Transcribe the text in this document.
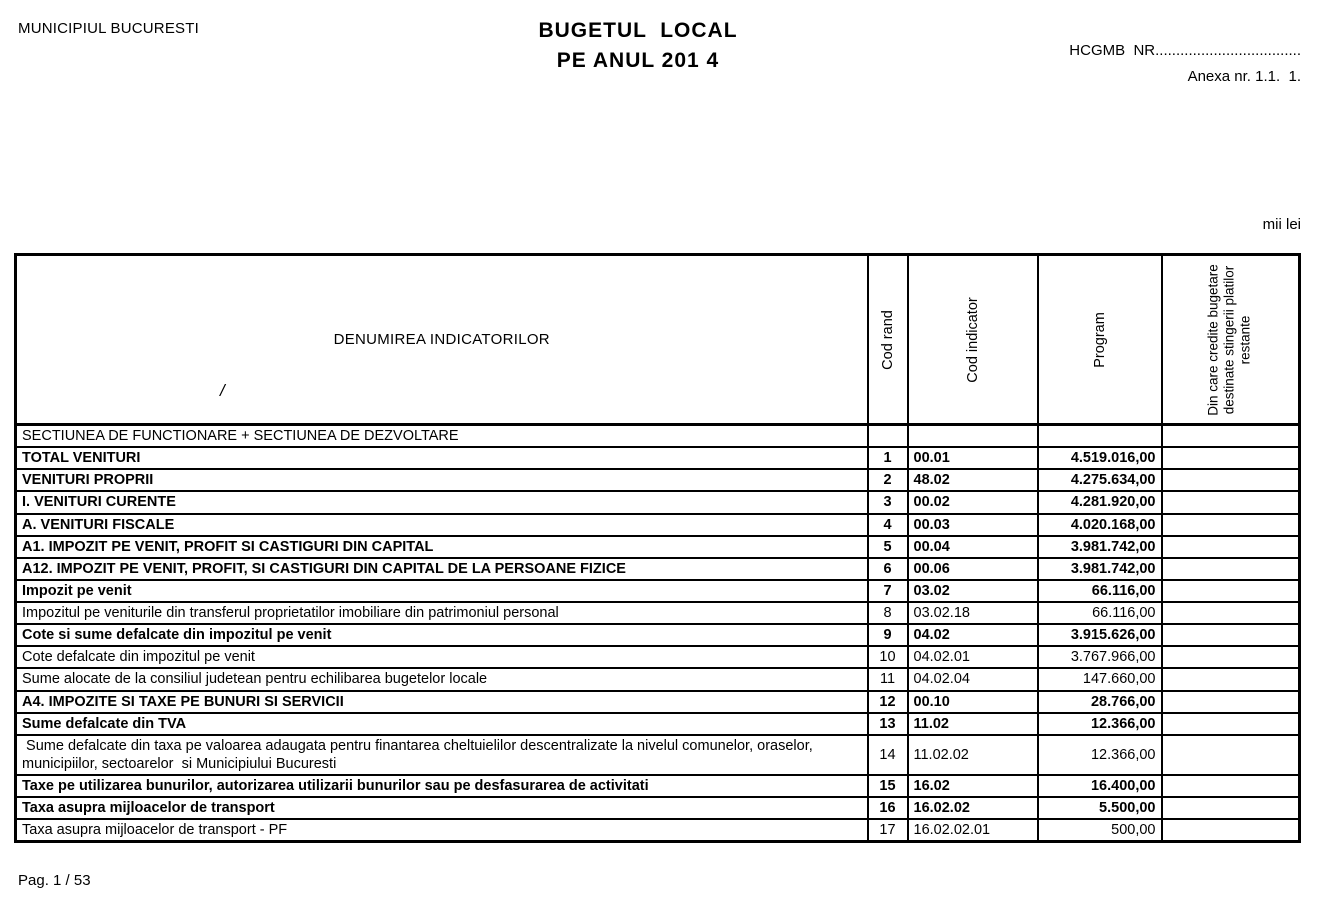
MUNICIPIUL BUCURESTI	BUGETUL  LOCAL
PE ANUL 201 4	HCGMB  NR...................................
Anexa nr. 1.1.  1.
mii lei
DENUMIREA INDICATORILOR
/	Cod rand	Cod indicator	Program	Din care credite bugetare destinate stingerii platilor restante

SECTIUNEA DE FUNCTIONARE + SECTIUNEA DE DEZVOLTARE				
TOTAL VENITURI	1	00.01	4.519.016,00	
VENITURI PROPRII	2	48.02	4.275.634,00	
I. VENITURI CURENTE	3	00.02	4.281.920,00	
A. VENITURI FISCALE	4	00.03	4.020.168,00	
A1. IMPOZIT PE VENIT, PROFIT SI CASTIGURI DIN CAPITAL	5	00.04	3.981.742,00	
A12. IMPOZIT PE VENIT, PROFIT, SI CASTIGURI DIN CAPITAL DE LA PERSOANE FIZICE	6	00.06	3.981.742,00	
Impozit pe venit	7	03.02	66.116,00	
Impozitul pe veniturile din transferul proprietatilor imobiliare din patrimoniul personal	8	03.02.18	66.116,00	
Cote si sume defalcate din impozitul pe venit	9	04.02	3.915.626,00	
Cote defalcate din impozitul pe venit	10	04.02.01	3.767.966,00	
Sume alocate de la consiliul judetean pentru echilibarea bugetelor locale	11	04.02.04	147.660,00	
A4. IMPOZITE SI TAXE PE BUNURI SI SERVICII	12	00.10	28.766,00	
Sume defalcate din TVA	13	11.02	12.366,00	
Sume defalcate din taxa pe valoarea adaugata pentru finantarea cheltuielilor descentralizate la nivelul comunelor, oraselor, municipiilor, sectoarelor  si Municipiului Bucuresti	14	11.02.02	12.366,00	
Taxe pe utilizarea bunurilor, autorizarea utilizarii bunurilor sau pe desfasurarea de activitati	15	16.02	16.400,00	
Taxa asupra mijloacelor de transport	16	16.02.02	5.500,00	
Taxa asupra mijloacelor de transport - PF	17	16.02.02.01	500,00	
Pag. 1 / 53
